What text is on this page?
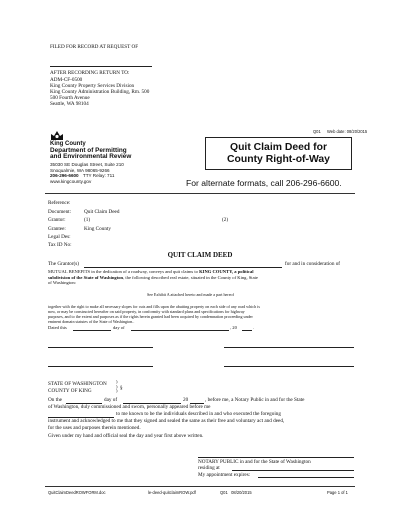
FILED FOR RECORD AT REQUEST OF
AFTER RECORDING RETURN TO:
ADM-CF-0500
King County Property Services Division
King County Administration Building, Rm. 500
500 Fourth Avenue
Seattle, WA 98104
Q01 Web date: 08/20/2015
King County
Department of Permitting
and Environmental Review
35030 SE Douglas Street, Suite 210
Snoqualmie, WA 98065-9266
206-296-6600 TTY Relay: 711
www.kingcounty.gov
Quit Claim Deed for
County Right-of-Way
For alternate formats, call 206-296-6600.
Reference:
Document: Quit Claim Deed
Grantor:	(1)	(2)
Grantee:	King County
Legal Des:
Tax ID No:
QUIT CLAIM DEED
The Grantor(s)	for and in consideration of
MUTUAL BENEFITS in the dedication of a roadway, conveys and quit claims to KING COUNTY, a political
subdivision of the State of Washington, the following described real estate, situated in the County of King, State
of Washington:
See Exhibit A attached hereto and made a part hereof
together with the right to make all necessary slopes for cuts and fills upon the abutting property on each side of any road which is
now, or may be constructed hereafter on said property, in conformity with standard plans and specifications for highway
purposes, and to the extent and purposes as if the rights herein granted had been acquired by condemnation proceeding under
eminent domain statutes of the State of Washington..
Dated this	day of	, 20	.
STATE OF WASHINGTON
COUNTY OF KING
)
)
) §
On the	day of	20	, before me, a Notary Public in and for the State
of Washington, duly commissioned and sworn, personally appeared before me
to me known to be the individuals described in and who executed the foregoing
instrument and acknowledged to me that they signed and sealed the same as their free and voluntary act and deed,
for the uses and purposes therein mentioned.
Given under my hand and official seal the day and year first above written.
NOTARY PUBLIC in and for the State of Washington
residing at
My appointment expires:
QuitClaimDeedROWFORM.doc	le-deed-quitclaimROW.pdf	Q01   08/20/2015	Page 1 of 1
